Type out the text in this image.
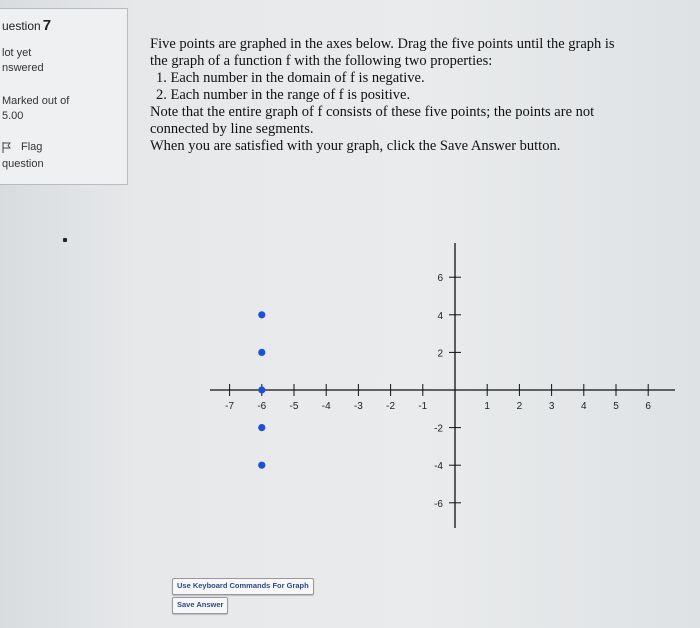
uestion 7
lot yet
nswered
Marked out of
5.00
Flag
question
Five points are graphed in the axes below. Drag the five points until the graph is
the graph of a function f with the following two properties:
1. Each number in the domain of f is negative.
2. Each number in the range of f is positive.
Note that the entire graph of f consists of these five points; the points are not
connected by line segments.
When you are satisfied with your graph, click the Save Answer button.
-7 -6 -5 -4 -3 -2 -1	1	2	3	4	5	6
6
4
2
-2
-4
-6
Use Keyboard Commands For Graph
Save Answer
